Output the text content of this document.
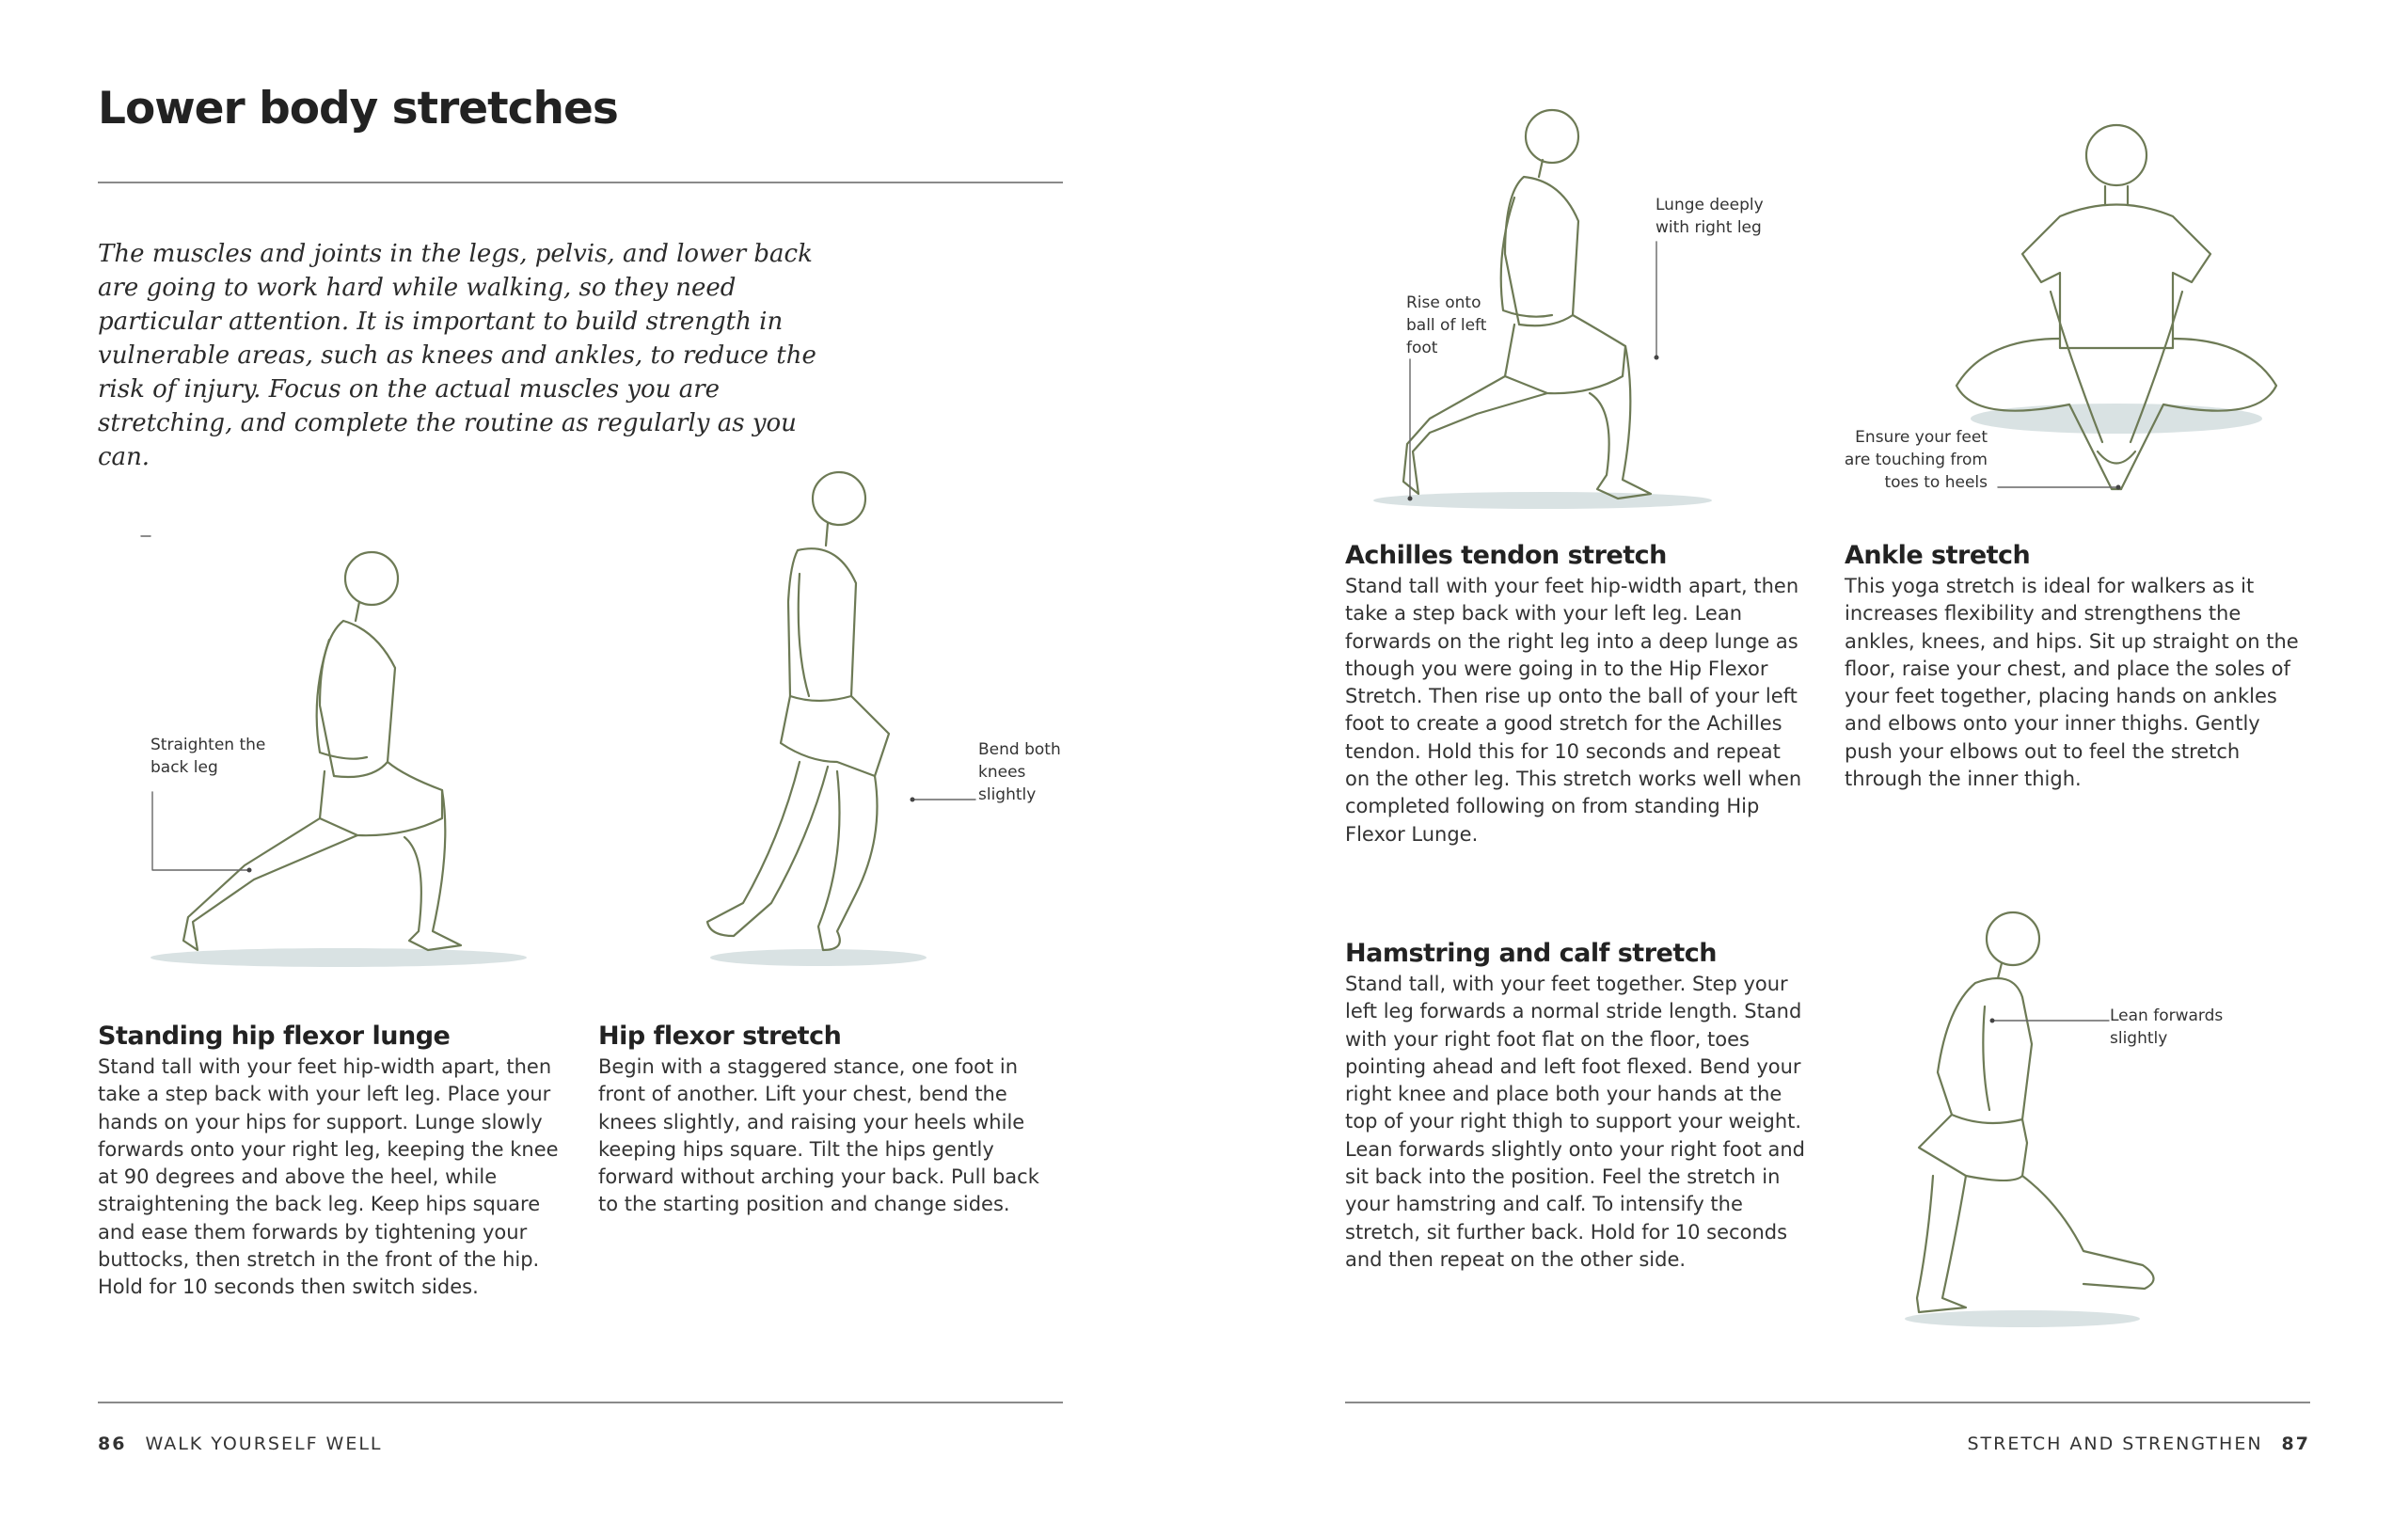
Lower body stretches
The muscles and joints in the legs, pelvis, and lower back are going to work hard while walking, so they need particular attention. It is important to build strength in vulnerable areas, such as knees and ankles, to reduce the risk of injury. Focus on the actual muscles you are stretching, and complete the routine as regularly as you can.
Straighten the back leg
Bend both knees slightly
Standing hip flexor lunge
Stand tall with your feet hip-width apart, then take a step back with your left leg. Place your hands on your hips for support. Lunge slowly forwards onto your right leg, keeping the knee at 90 degrees and above the heel, while straightening the back leg. Keep hips square and ease them forwards by tightening your buttocks, then stretch in the front of the hip. Hold for 10 seconds then switch sides.
Hip flexor stretch
Begin with a staggered stance, one foot in front of another. Lift your chest, bend the knees slightly, and raising your heels while keeping hips square. Tilt the hips gently forward without arching your back. Pull back to the starting position and change sides.
86 WALK YOURSELF WELL
Rise onto ball of left foot
Lunge deeply with right leg
Ensure your feet are touching from toes to heels
Achilles tendon stretch
Stand tall with your feet hip-width apart, then take a step back with your left leg. Lean forwards on the right leg into a deep lunge as though you were going in to the Hip Flexor Stretch. Then rise up onto the ball of your left foot to create a good stretch for the Achilles tendon. Hold this for 10 seconds and repeat on the other leg. This stretch works well when completed following on from standing Hip Flexor Lunge.
Ankle stretch
This yoga stretch is ideal for walkers as it increases flexibility and strengthens the ankles, knees, and hips. Sit up straight on the floor, raise your chest, and place the soles of your feet together, placing hands on ankles and elbows onto your inner thighs. Gently push your elbows out to feel the stretch through the inner thigh.
Hamstring and calf stretch
Stand tall, with your feet together. Step your left leg forwards a normal stride length. Stand with your right foot flat on the floor, toes pointing ahead and left foot flexed. Bend your right knee and place both your hands at the top of your right thigh to support your weight. Lean forwards slightly onto your right foot and sit back into the position. Feel the stretch in your hamstring and calf. To intensify the stretch, sit further back. Hold for 10 seconds and then repeat on the other side.
Lean forwards slightly
STRETCH AND STRENGTHEN 87
